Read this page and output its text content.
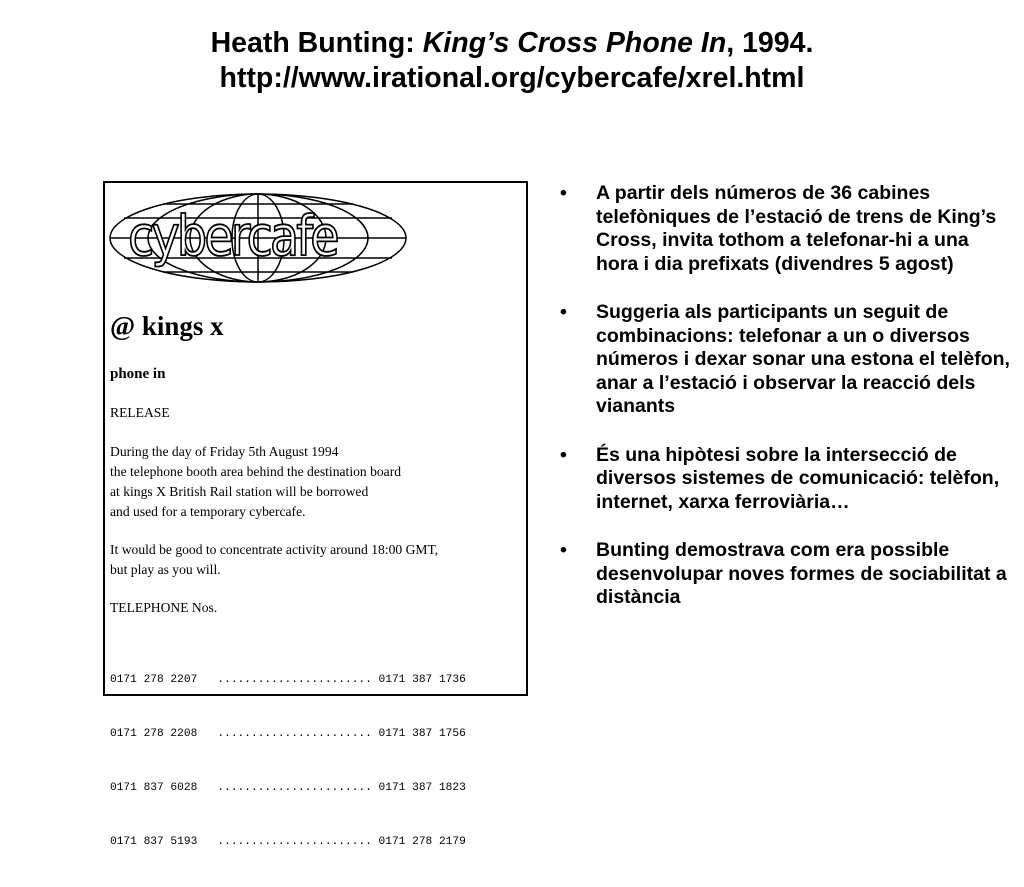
Heath Bunting: King’s Cross Phone In, 1994.
http://www.irational.org/cybercafe/xrel.html
cybercafe
@ kings x
phone in
RELEASE
During the day of Friday 5th August 1994
the telephone booth area behind the destination board
at kings X British Rail station will be borrowed
and used for a temporary cybercafe.
It would be good to concentrate activity around 18:00 GMT,
but play as you will.
TELEPHONE Nos.

0171 278 2207   ....................... 0171 387 1736

0171 278 2208   ....................... 0171 387 1756

0171 837 6028   ....................... 0171 387 1823

0171 837 5193   ....................... 0171 278 2179

• A partir dels números de 36 cabines telefòniques de l’estació de trens de King’s Cross, invita tothom a telefonar-hi a una hora i dia prefixats (divendres 5 agost)
• Suggeria als participants un seguit de combinacions: telefonar a un o diversos números i dexar sonar una estona el telèfon, anar a l’estació i observar la reacció dels vianants
• És una hipòtesi sobre la intersecció de diversos sistemes de comunicació: telèfon, internet, xarxa ferroviària…
• Bunting demostrava com era possible desenvolupar noves formes de sociabilitat a distància
